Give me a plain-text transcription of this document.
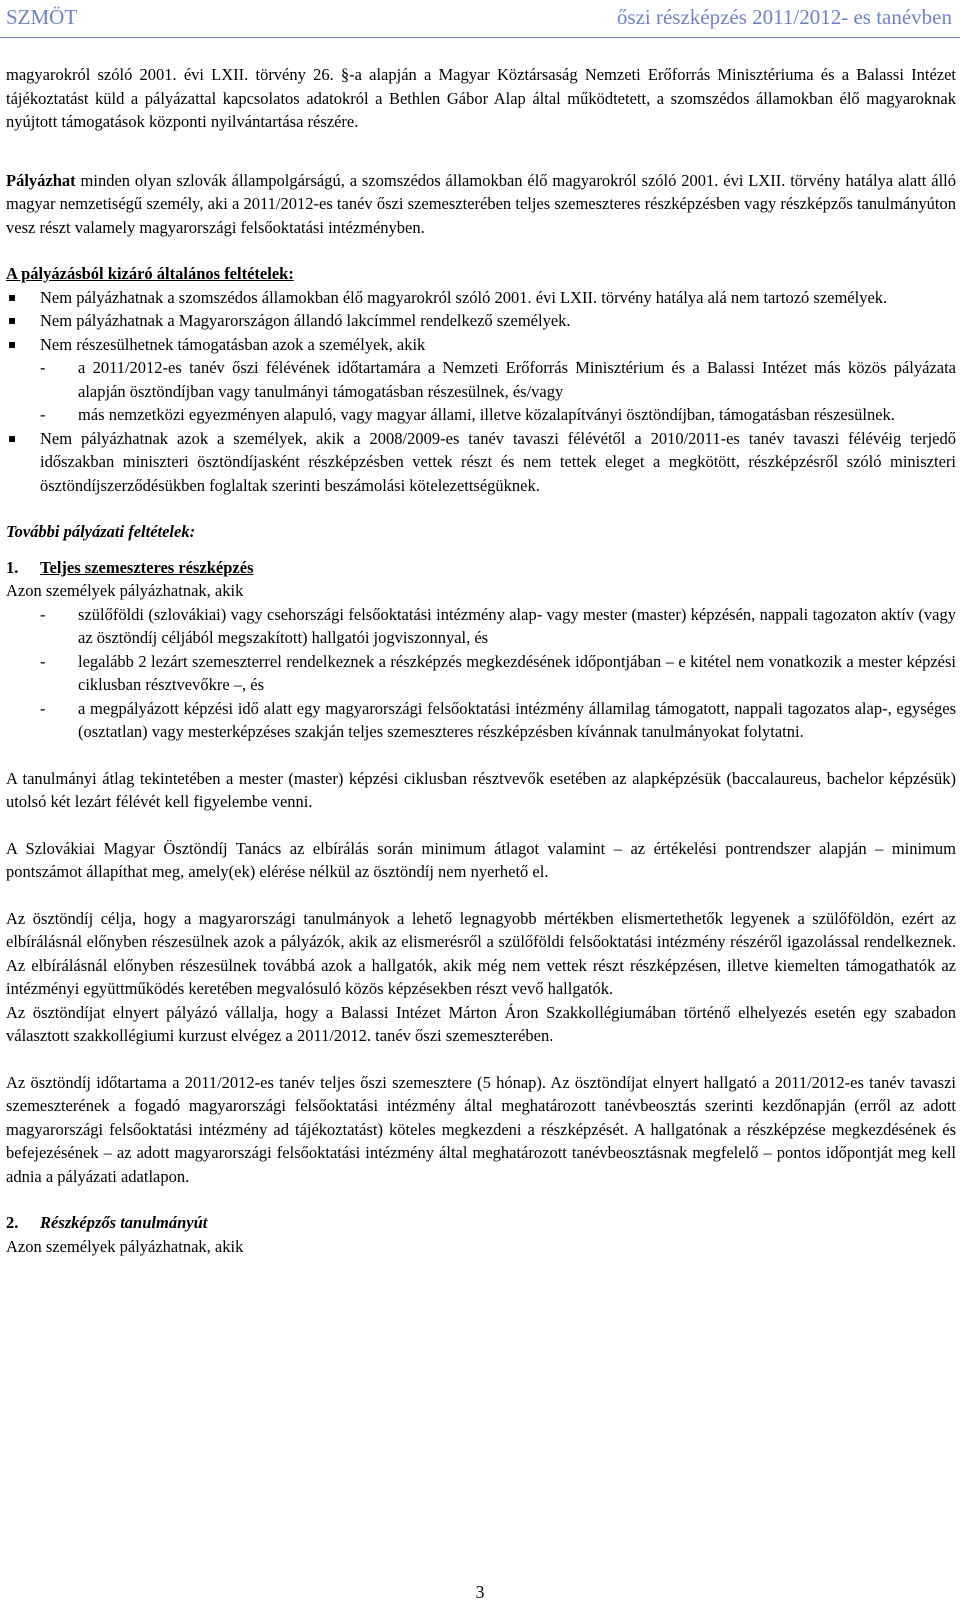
SZMÖT	őszi részképzés 2011/2012- es tanévben

magyarokról szóló 2001. évi LXII. törvény 26. §-a alapján a Magyar Köztársaság Nemzeti Erőforrás Minisztériuma és a Balassi Intézet tájékoztatást küld a pályázattal kapcsolatos adatokról a Bethlen Gábor Alap által működtetett, a szomszédos államokban élő magyaroknak nyújtott támogatások központi nyilvántartása részére.

Pályázhat minden olyan szlovák állampolgárságú, a szomszédos államokban élő magyarokról szóló 2001. évi LXII. törvény hatálya alatt álló magyar nemzetiségű személy, aki a 2011/2012-es tanév őszi szemeszterében teljes szemeszteres részképzésben vagy részképzős tanulmányúton vesz részt valamely magyarországi felsőoktatási intézményben.

A pályázásból kizáró általános feltételek:

▪ Nem pályázhatnak a szomszédos államokban élő magyarokról szóló 2001. évi LXII. törvény hatálya alá nem tartozó személyek.
▪ Nem pályázhatnak a Magyarországon állandó lakcímmel rendelkező személyek.
▪ Nem részesülhetnek támogatásban azok a személyek, akik
- a 2011/2012-es tanév őszi félévének időtartamára a Nemzeti Erőforrás Minisztérium és a Balassi Intézet más közös pályázata alapján ösztöndíjban vagy tanulmányi támogatásban részesülnek, és/vagy
- más nemzetközi egyezményen alapuló, vagy magyar állami, illetve közalapítványi ösztöndíjban, támogatásban részesülnek.
▪ Nem pályázhatnak azok a személyek, akik a 2008/2009-es tanév tavaszi félévétől a 2010/2011-es tanév tavaszi félévéig terjedő időszakban miniszteri ösztöndíjasként részképzésben vettek részt és nem tettek eleget a megkötött, részképzésről szóló miniszteri ösztöndíjszerződésükben foglaltak szerinti beszámolási kötelezettségüknek.

További pályázati feltételek:

1. Teljes szemeszteres részképzés

Azon személyek pályázhatnak, akik

- szülőföldi (szlovákiai) vagy csehországi felsőoktatási intézmény alap- vagy mester (master) képzésén, nappali tagozaton aktív (vagy az ösztöndíj céljából megszakított) hallgatói jogviszonnyal, és
- legalább 2 lezárt szemeszterrel rendelkeznek a részképzés megkezdésének időpontjában – e kitétel nem vonatkozik a mester képzési ciklusban résztvevőkre –, és
- a megpályázott képzési idő alatt egy magyarországi felsőoktatási intézmény államilag támogatott, nappali tagozatos alap-, egységes (osztatlan) vagy mesterképzéses szakján teljes szemeszteres részképzésben kívánnak tanulmányokat folytatni.

A tanulmányi átlag tekintetében a mester (master) képzési ciklusban résztvevők esetében az alapképzésük (baccalaureus, bachelor képzésük) utolsó két lezárt félévét kell figyelembe venni.

A Szlovákiai Magyar Ösztöndíj Tanács az elbírálás során minimum átlagot valamint – az értékelési pontrendszer alapján – minimum pontszámot állapíthat meg, amely(ek) elérése nélkül az ösztöndíj nem nyerhető el.

Az ösztöndíj célja, hogy a magyarországi tanulmányok a lehető legnagyobb mértékben elismertethetők legyenek a szülőföldön, ezért az elbírálásnál előnyben részesülnek azok a pályázók, akik az elismerésről a szülőföldi felsőoktatási intézmény részéről igazolással rendelkeznek. Az elbírálásnál előnyben részesülnek továbbá azok a hallgatók, akik még nem vettek részt részképzésen, illetve kiemelten támogathatók az intézményi együttműködés keretében megvalósuló közös képzésekben részt vevő hallgatók.

Az ösztöndíjat elnyert pályázó vállalja, hogy a Balassi Intézet Márton Áron Szakkollégiumában történő elhelyezés esetén egy szabadon választott szakkollégiumi kurzust elvégez a 2011/2012. tanév őszi szemeszterében.

Az ösztöndíj időtartama a 2011/2012-es tanév teljes őszi szemesztere (5 hónap). Az ösztöndíjat elnyert hallgató a 2011/2012-es tanév tavaszi szemeszterének a fogadó magyarországi felsőoktatási intézmény által meghatározott tanévbeosztás szerinti kezdőnapján (erről az adott magyarországi felsőoktatási intézmény ad tájékoztatást) köteles megkezdeni a részképzését. A hallgatónak a részképzése megkezdésének és befejezésének – az adott magyarországi felsőoktatási intézmény által meghatározott tanévbeosztásnak megfelelő – pontos időpontját meg kell adnia a pályázati adatlapon.

2. Részképzős tanulmányút

Azon személyek pályázhatnak, akik

3
